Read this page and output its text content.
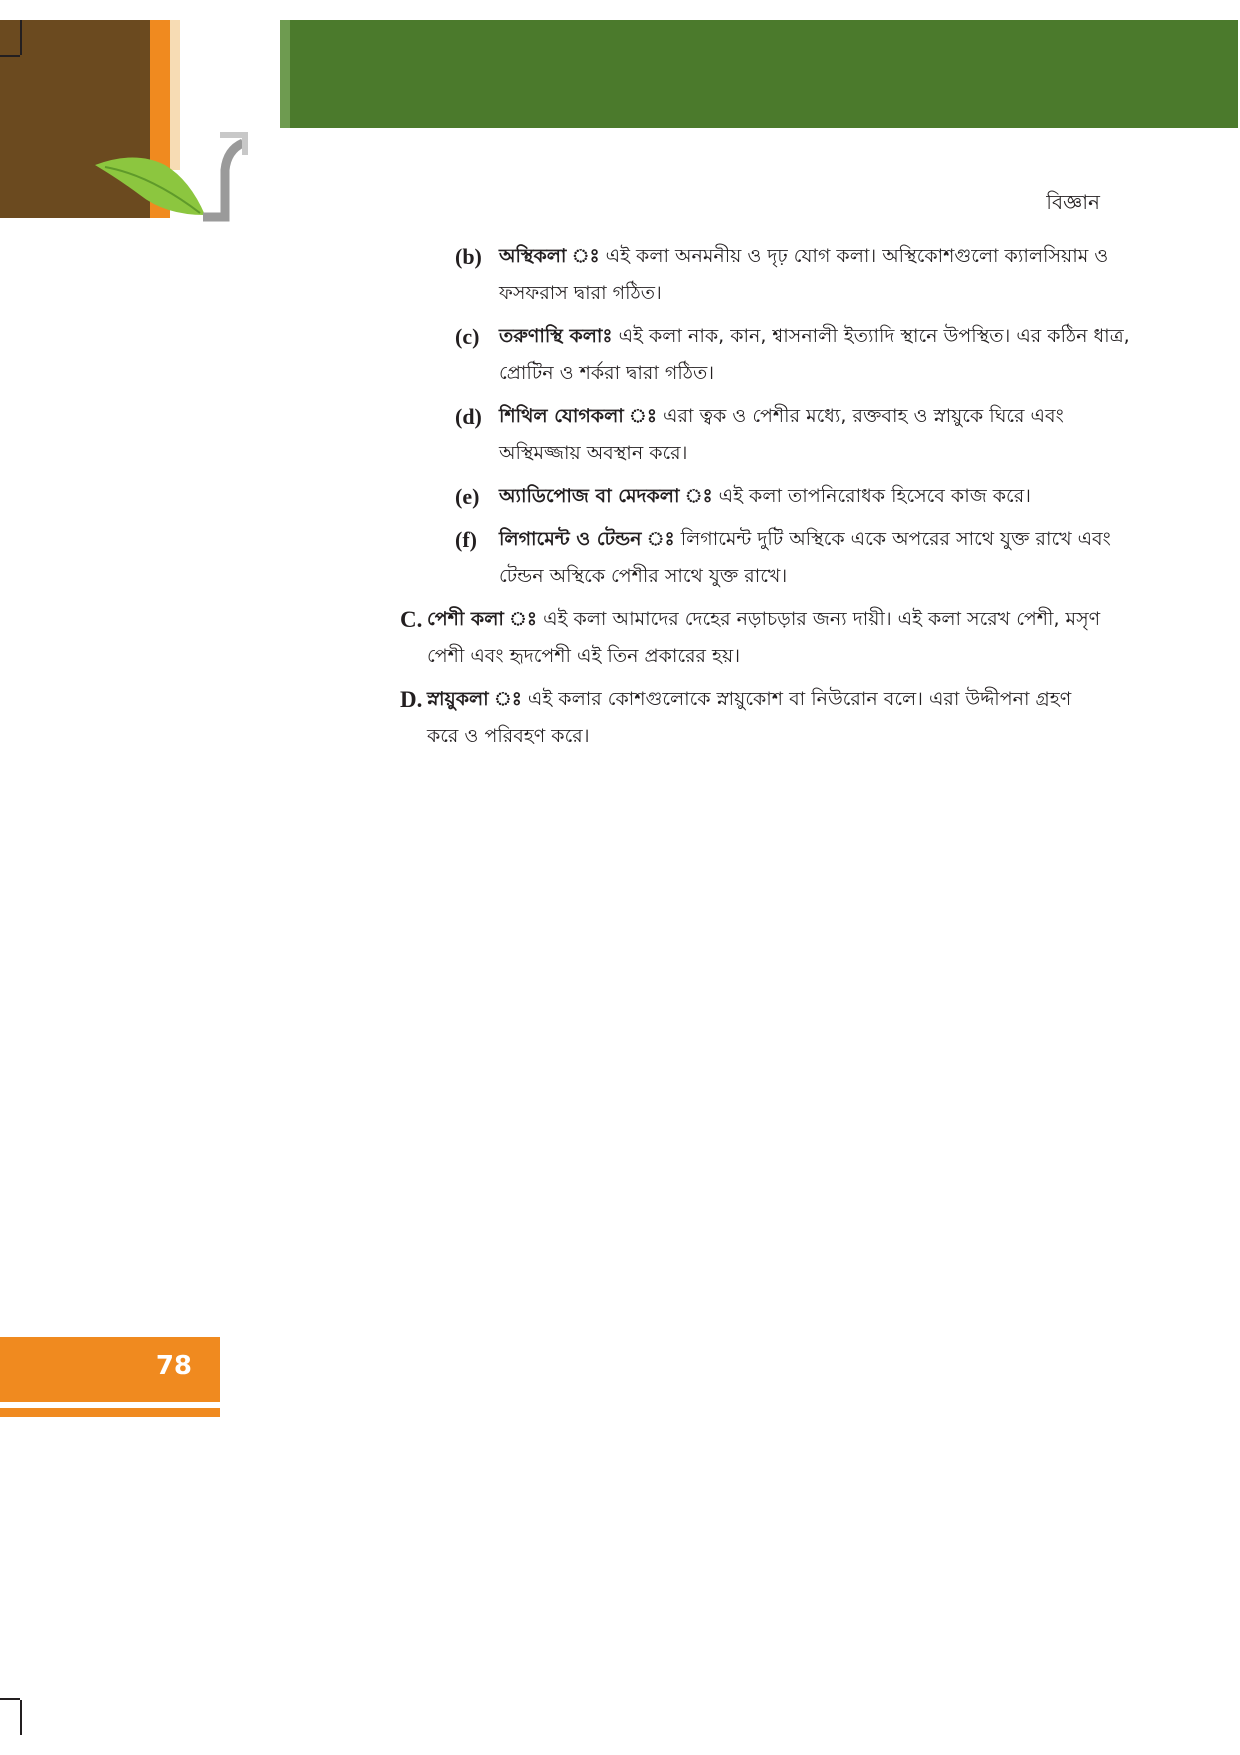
বিজ্ঞান
(b) অস্থিকলা ঃ এই কলা অনমনীয় ও দৃঢ় যোগ কলা। অস্থিকোশগুলো ক্যালসিয়াম ও ফসফরাস দ্বারা গঠিত।
(c) তরুণাস্থি কলাঃ এই কলা নাক, কান, শ্বাসনালী ইত্যাদি স্থানে উপস্থিত। এর কঠিন ধাত্র, প্রোটিন ও শর্করা দ্বারা গঠিত।
(d) শিথিল যোগকলা ঃ এরা ত্বক ও পেশীর মধ্যে, রক্তবাহ ও স্নায়ুকে ঘিরে এবং অস্থিমজ্জায় অবস্থান করে।
(e) অ্যাডিপোজ বা মেদকলা ঃ এই কলা তাপনিরোধক হিসেবে কাজ করে।
(f) লিগামেন্ট ও টেন্ডন ঃ লিগামেন্ট দুটি অস্থিকে একে অপরের সাথে যুক্ত রাখে এবং টেন্ডন অস্থিকে পেশীর সাথে যুক্ত রাখে।
C. পেশী কলা ঃ এই কলা আমাদের দেহের নড়াচড়ার জন্য দায়ী। এই কলা সরেখ পেশী, মসৃণ পেশী এবং হৃদপেশী এই তিন প্রকারের হয়।
D. স্নায়ুকলা ঃ এই কলার কোশগুলোকে স্নায়ুকোশ বা নিউরোন বলে। এরা উদ্দীপনা গ্রহণ করে ও পরিবহণ করে।
78
